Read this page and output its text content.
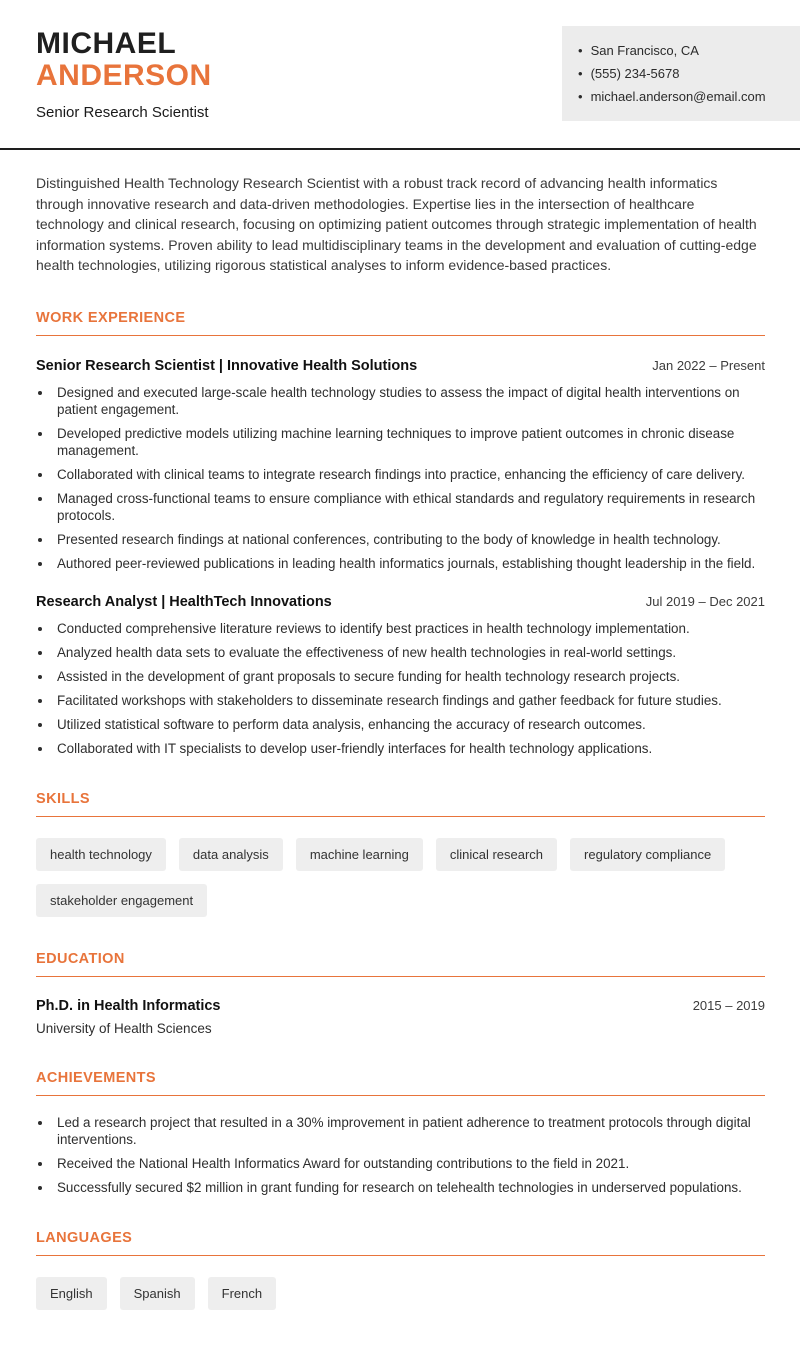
MICHAEL
ANDERSON
Senior Research Scientist
• San Francisco, CA
• (555) 234-5678
• michael.anderson@email.com

Distinguished Health Technology Research Scientist with a robust track record of advancing health informatics through innovative research and data-driven methodologies. Expertise lies in the intersection of healthcare technology and clinical research, focusing on optimizing patient outcomes through strategic implementation of health information systems. Proven ability to lead multidisciplinary teams in the development and evaluation of cutting-edge health technologies, utilizing rigorous statistical analyses to inform evidence-based practices.

WORK EXPERIENCE
Senior Research Scientist | Innovative Health Solutions	Jan 2022 – Present
• Designed and executed large-scale health technology studies to assess the impact of digital health interventions on patient engagement.
• Developed predictive models utilizing machine learning techniques to improve patient outcomes in chronic disease management.
• Collaborated with clinical teams to integrate research findings into practice, enhancing the efficiency of care delivery.
• Managed cross-functional teams to ensure compliance with ethical standards and regulatory requirements in research protocols.
• Presented research findings at national conferences, contributing to the body of knowledge in health technology.
• Authored peer-reviewed publications in leading health informatics journals, establishing thought leadership in the field.
Research Analyst | HealthTech Innovations	Jul 2019 – Dec 2021
• Conducted comprehensive literature reviews to identify best practices in health technology implementation.
• Analyzed health data sets to evaluate the effectiveness of new health technologies in real-world settings.
• Assisted in the development of grant proposals to secure funding for health technology research projects.
• Facilitated workshops with stakeholders to disseminate research findings and gather feedback for future studies.
• Utilized statistical software to perform data analysis, enhancing the accuracy of research outcomes.
• Collaborated with IT specialists to develop user-friendly interfaces for health technology applications.
SKILLS
health technology	data analysis	machine learning	clinical research	regulatory compliance
stakeholder engagement
EDUCATION
Ph.D. in Health Informatics	2015 – 2019
University of Health Sciences
ACHIEVEMENTS
• Led a research project that resulted in a 30% improvement in patient adherence to treatment protocols through digital interventions.
• Received the National Health Informatics Award for outstanding contributions to the field in 2021.
• Successfully secured $2 million in grant funding for research on telehealth technologies in underserved populations.
LANGUAGES
English	Spanish	French
